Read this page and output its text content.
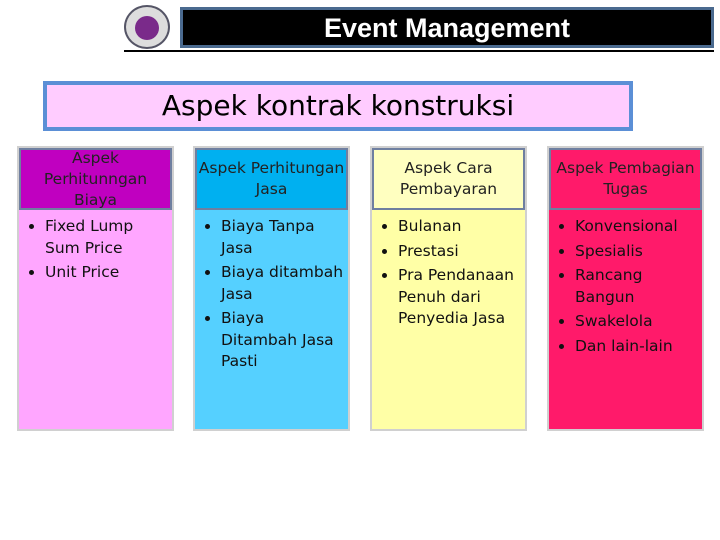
Event Management
Aspek kontrak konstruksi
Aspek Perhitunngan Biaya
• Fixed Lump Sum Price
• Unit Price
Aspek Perhitungan Jasa
• Biaya Tanpa Jasa
• Biaya ditambah Jasa
• Biaya Ditambah Jasa Pasti
Aspek Cara Pembayaran
• Bulanan
• Prestasi
• Pra Pendanaan Penuh dari Penyedia Jasa
Aspek Pembagian Tugas
• Konvensional
• Spesialis
• Rancang Bangun
• Swakelola
• Dan lain-lain
